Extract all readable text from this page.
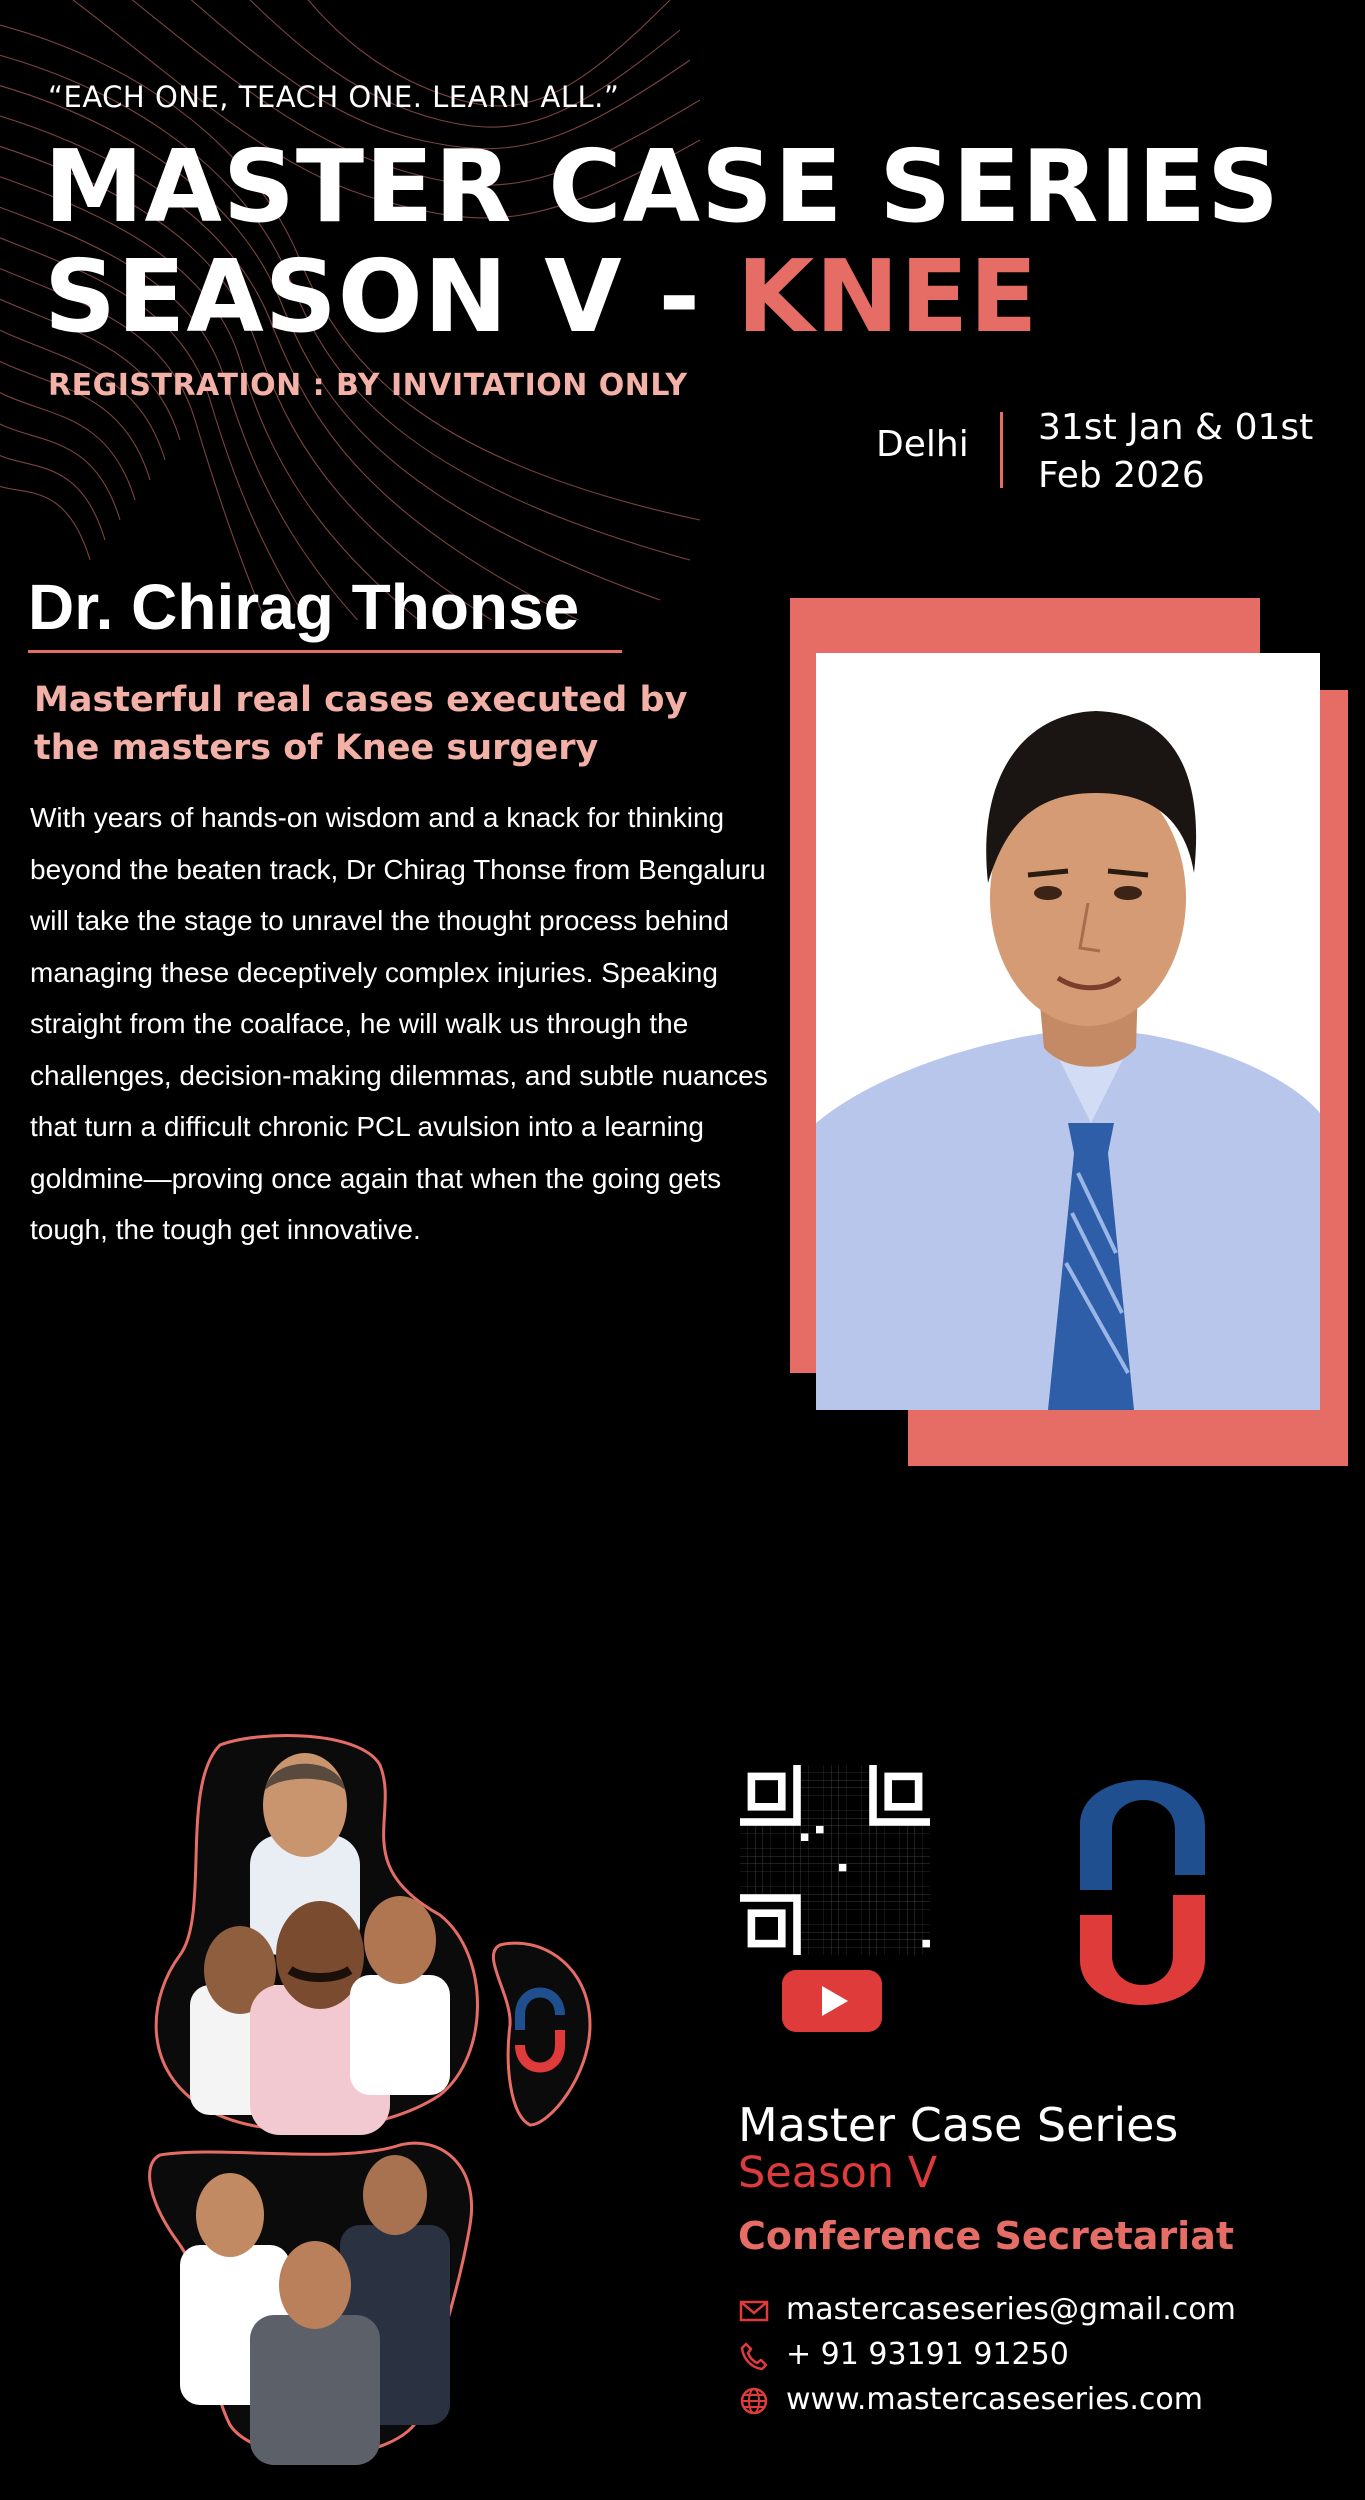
“EACH ONE, TEACH ONE. LEARN ALL.”
MASTER CASE SERIES
SEASON V - KNEE
REGISTRATION : BY INVITATION ONLY
Delhi 31st Jan & 01st
Feb 2026
Dr. Chirag Thonse
Masterful real cases executed by
the masters of Knee surgery
With years of hands-on wisdom and a knack for thinking beyond the beaten track, Dr Chirag Thonse from Bengaluru will take the stage to unravel the thought process behind managing these deceptively complex injuries. Speaking straight from the coalface, he will walk us through the challenges, decision-making dilemmas, and subtle nuances that turn a difficult chronic PCL avulsion into a learning goldmine—proving once again that when the going gets tough, the tough get innovative.
Master Case Series
Season V
Conference Secretariat
mastercaseseries@gmail.com
+ 91 93191 91250
www.mastercaseseries.com
